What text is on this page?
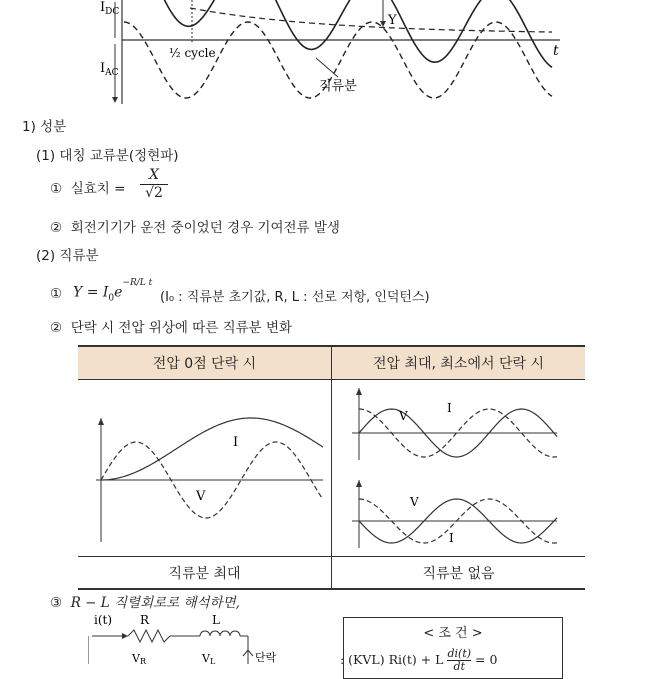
$I_{DC}$
$I_{AC}$
Y
½ cycle	t
직류분
1) 성분
(1) 대칭 교류분(정현파)
① 실효치 = $\frac{X}{√2}$
② 회전기기가 운전 중이었던 경우 기여전류 발생
(2) 직류분
① $Y = I_0e^{-R/L t}$
(I₀ : 직류분 초기값, R, L : 선로 저항, 인덕턴스)
② 단락 시 전압 위상에 따른 직류분 변화
전압 0점 단락 시	전압 최대, 최소에서 단락 시

I
V	V
I
V
I

직류분 최대	직류분 없음
③ R − L 직렬회로로 해석하면,
i(t) R	L
VR	VL	단락
< 조 건 >
: (KVL) Ri(t) + L $\frac{di(t)}{dt} = 0$
